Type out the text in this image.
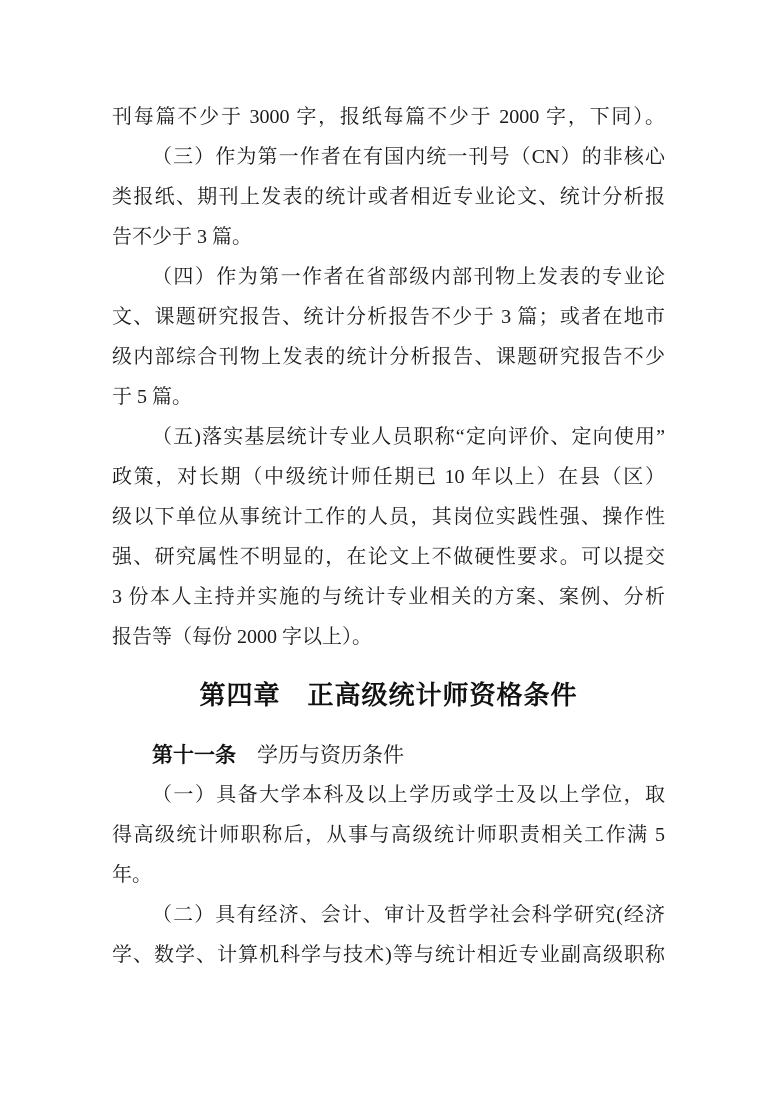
刊每篇不少于 3000 字，报纸每篇不少于 2000 字，下同）。
（三）作为第一作者在有国内统一刊号（CN）的非核心
类报纸、期刊上发表的统计或者相近专业论文、统计分析报
告不少于 3 篇。
（四）作为第一作者在省部级内部刊物上发表的专业论
文、课题研究报告、统计分析报告不少于 3 篇；或者在地市
级内部综合刊物上发表的统计分析报告、课题研究报告不少
于 5 篇。
（五)落实基层统计专业人员职称“定向评价、定向使用”
政策，对长期（中级统计师任期已 10 年以上）在县（区）
级以下单位从事统计工作的人员，其岗位实践性强、操作性
强、研究属性不明显的，在论文上不做硬性要求。可以提交
3 份本人主持并实施的与统计专业相关的方案、案例、分析
报告等（每份 2000 字以上）。
第四章　正高级统计师资格条件
第十一条　学历与资历条件
（一）具备大学本科及以上学历或学士及以上学位，取
得高级统计师职称后，从事与高级统计师职责相关工作满 5
年。
（二）具有经济、会计、审计及哲学社会科学研究(经济
学、数学、计算机科学与技术)等与统计相近专业副高级职称
